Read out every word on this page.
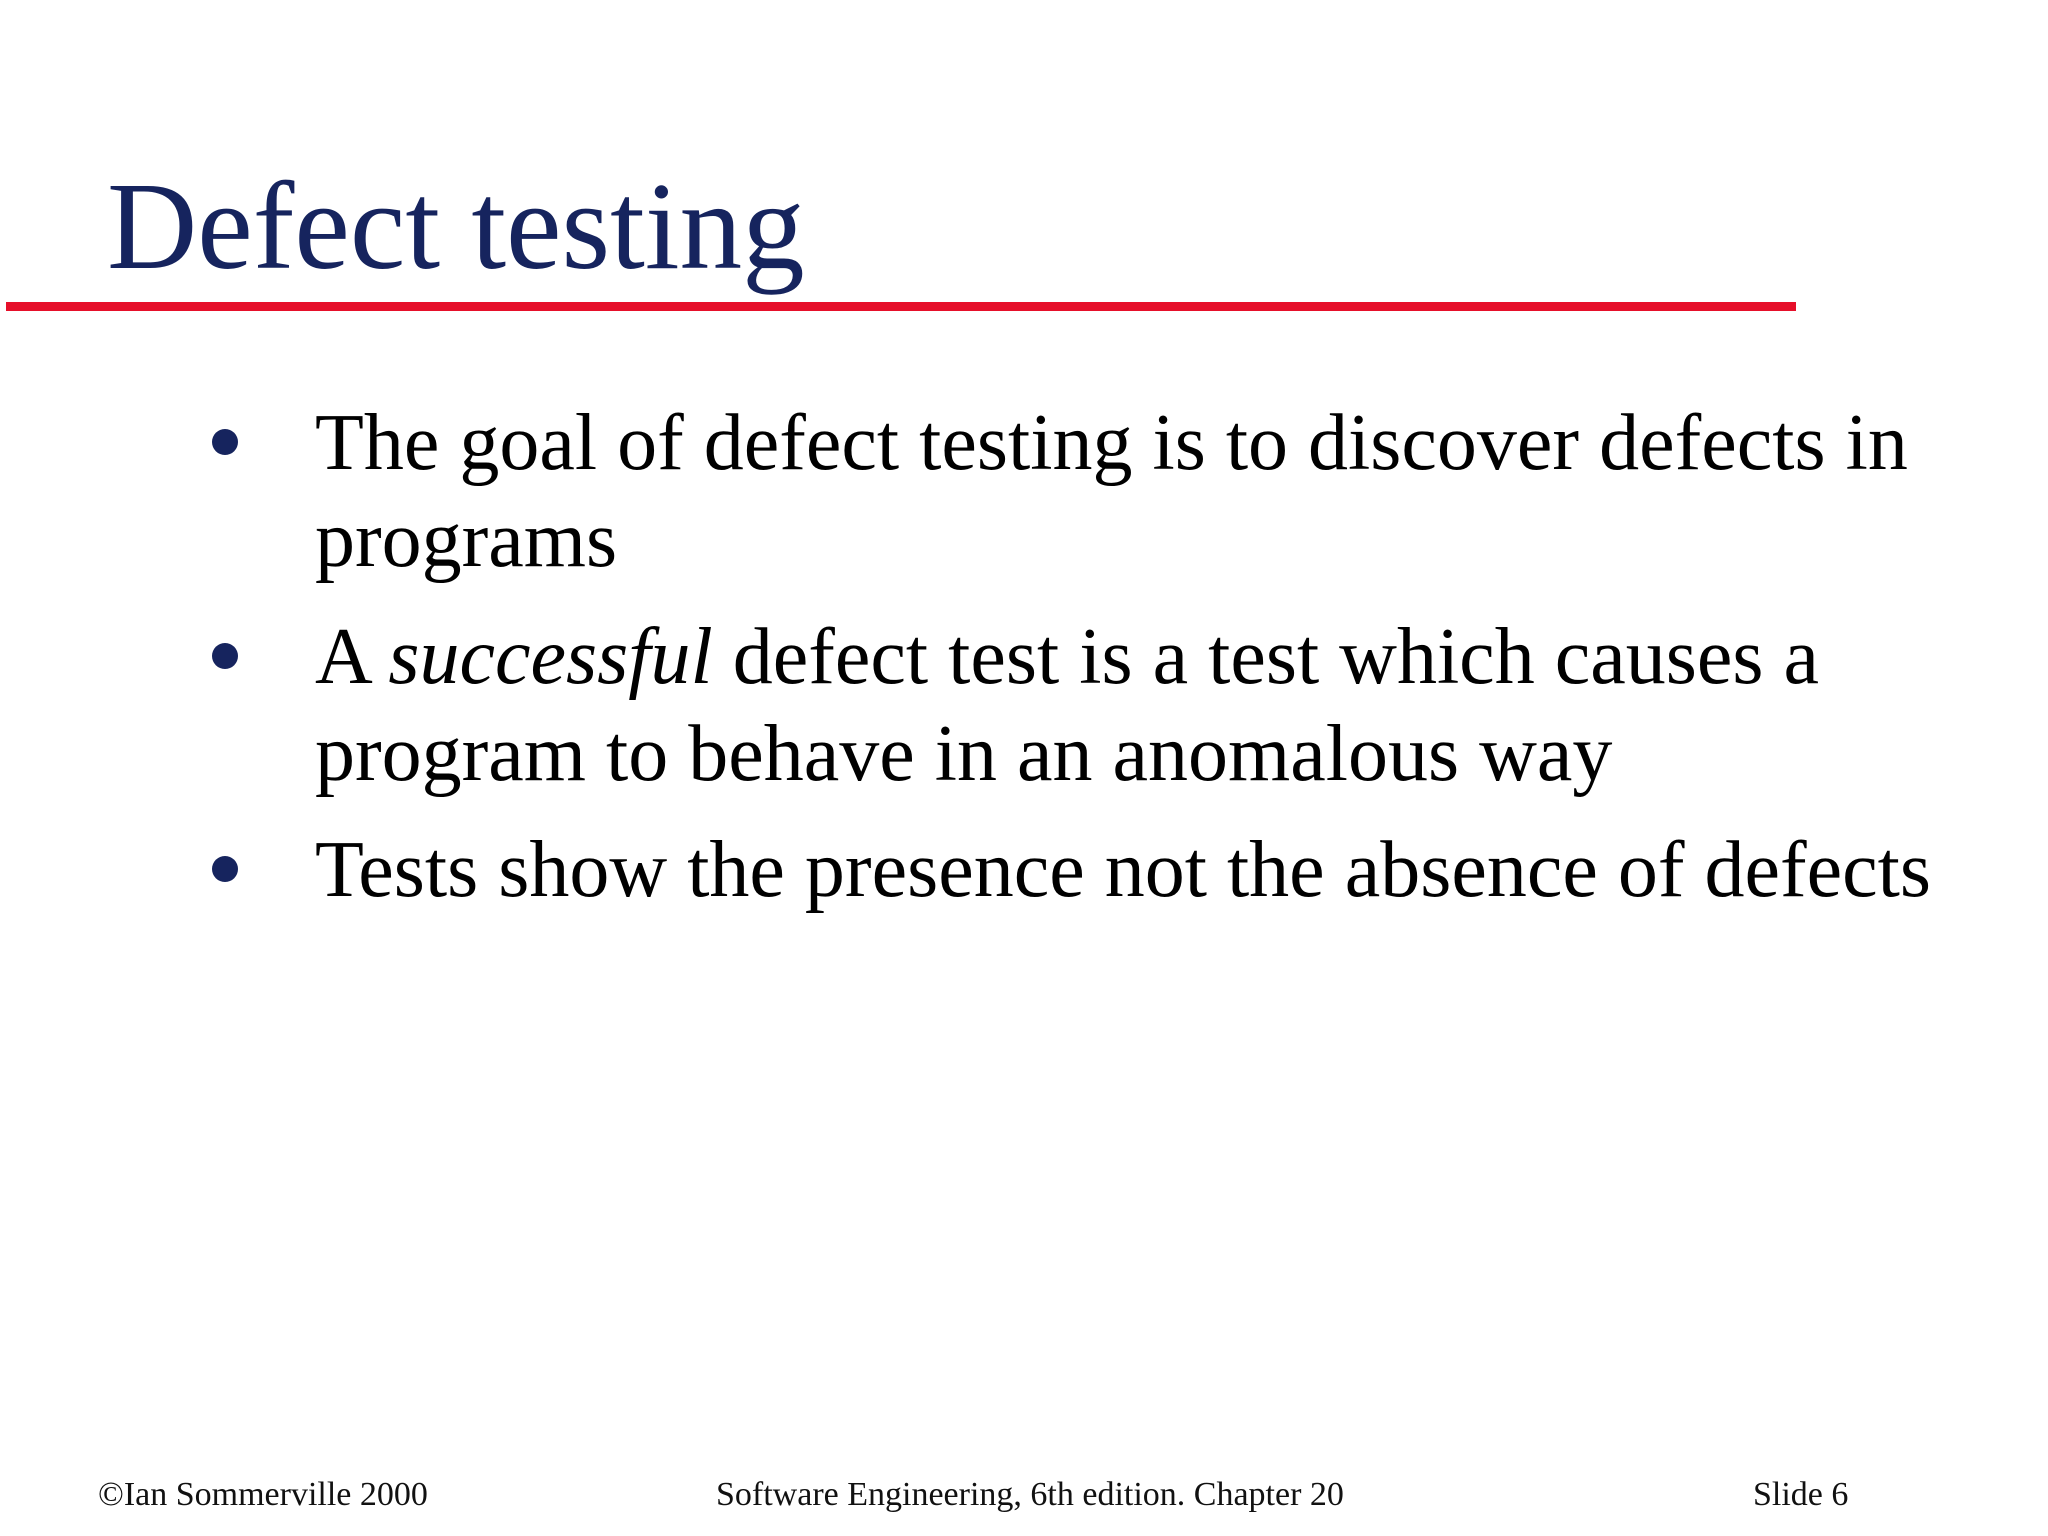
Defect testing
The goal of defect testing is to discover defects in programs
A successful defect test is a test which causes a program to behave in an anomalous way
Tests show the presence not the absence of defects
©Ian Sommerville 2000	Software Engineering, 6th edition. Chapter 20	Slide 6
